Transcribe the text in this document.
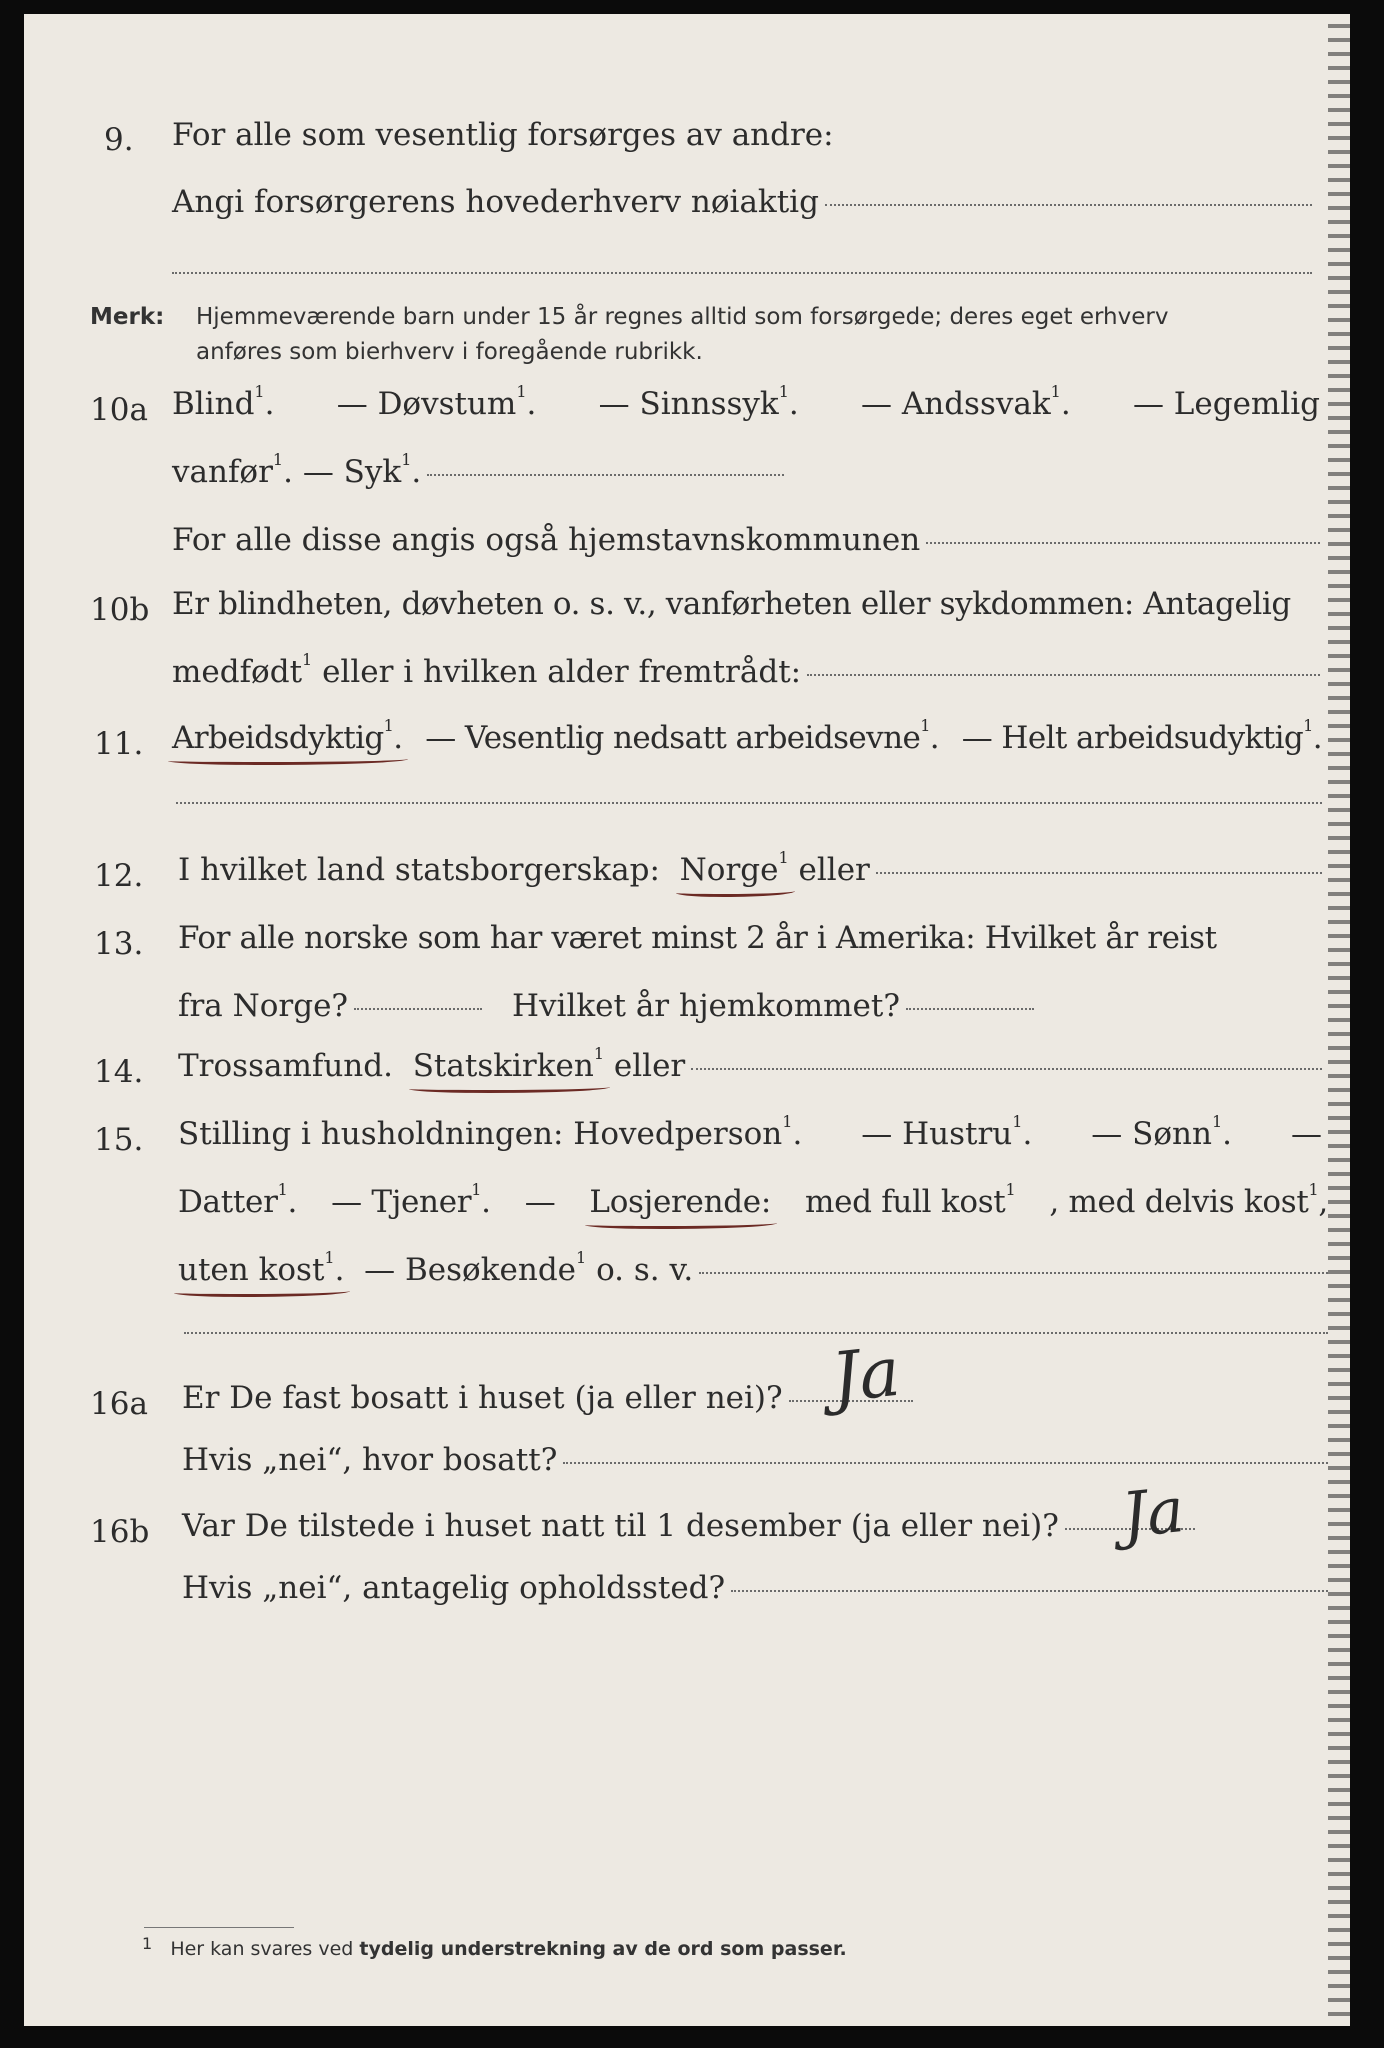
9. For alle som vesentlig forsørges av andre:
Angi forsørgerens hovederhverv nøiaktig
Merk: Hjemmeværende barn under 15 år regnes alltid som forsørgede; deres eget erhverv
anføres som bierhverv i foregående rubrikk.
10a Blind$^1$. — Døvstum$^1$. — Sinnssyk$^1$. — Andssvak$^1$. — Legemlig
vanfør$^1$. — Syk$^1$.
For alle disse angis også hjemstavnskommunen
10b Er blindheten, døvheten o. s. v., vanførheten eller sykdommen: Antagelig
medfødt$^1$ eller i hvilken alder fremtrådt:
11. Arbeidsdyktig$^1$. — Vesentlig nedsatt arbeidsevne$^1$. — Helt arbeidsudyktig$^1$.
12. I hvilket land statsborgerskap:
Norge$^1$
eller
13. For alle norske som har været minst 2 år i Amerika: Hvilket år reist
fra Norge?	Hvilket år hjemkommet?
14. Trossamfund.
Statskirken$^1$
eller
15. Stilling i husholdningen: Hovedperson$^1$. — Hustru$^1$. — Sønn$^1$. —
Datter$^1$. — Tjener$^1$. — Losjerende: med full kost$^1$ , med delvis kost$^1$,
uten kost$^1$.
— Besøkende$^1$ o. s. v.
16a Er De fast bosatt i huset (ja eller nei)? Ja
Hvis „nei“, hvor bosatt?
16b Var De tilstede i huset natt til 1 desember (ja eller nei)? Ja
Hvis „nei“, antagelig opholdssted?
$^1$ Her kan svares ved tydelig understrekning av de ord som passer.
